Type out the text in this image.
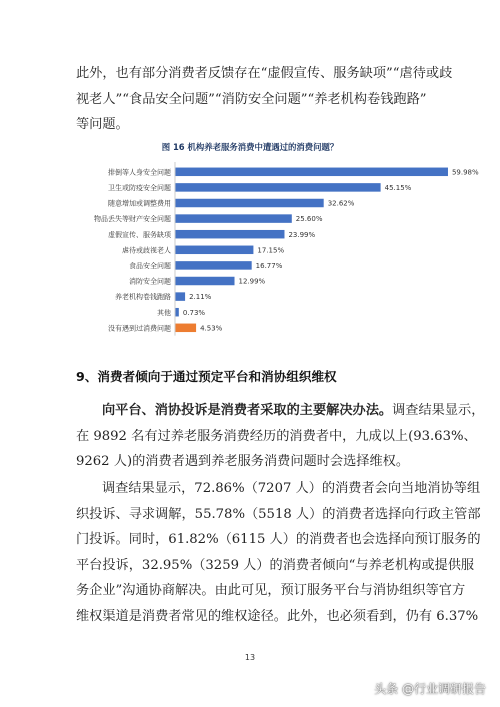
此外，也有部分消费者反馈存在“虚假宣传、服务缺项”“虐待或歧
视老人”“食品安全问题”“消防安全问题”“养老机构卷钱跑路”
等问题。
图 16 机构养老服务消费中遭遇过的消费问题？
排倒等人身安全问题	59.98%
卫生或防疫安全问题	45.15%
随意增加或调整费用	32.62%
物品丢失等财产安全问题	25.60%
虚假宣传、服务缺项	23.99%
虐待或歧视老人	17.15%
食品安全问题	16.77%
消防安全问题	12.99%
养老机构卷钱跑路	2.11%
其他 0.73%
没有遇到过消费问题	4.53%
9、消费者倾向于通过预定平台和消协组织维权
向平台、消协投诉是消费者采取的主要解决办法。调查结果显示，
在 9892 名有过养老服务消费经历的消费者中，九成以上(93.63%、
9262 人)的消费者遇到养老服务消费问题时会选择维权。
调查结果显示，72.86%（7207 人）的消费者会向当地消协等组
织投诉、寻求调解，55.78%（5518 人）的消费者选择向行政主管部
门投诉。同时，61.82%（6115 人）的消费者也会选择向预订服务的
平台投诉，32.95%（3259 人）的消费者倾向“与养老机构或提供服
务企业”沟通协商解决。由此可见，预订服务平台与消协组织等官方
维权渠道是消费者常见的维权途径。此外，也必须看到，仍有 6.37%
13
头条 @行业调研报告
